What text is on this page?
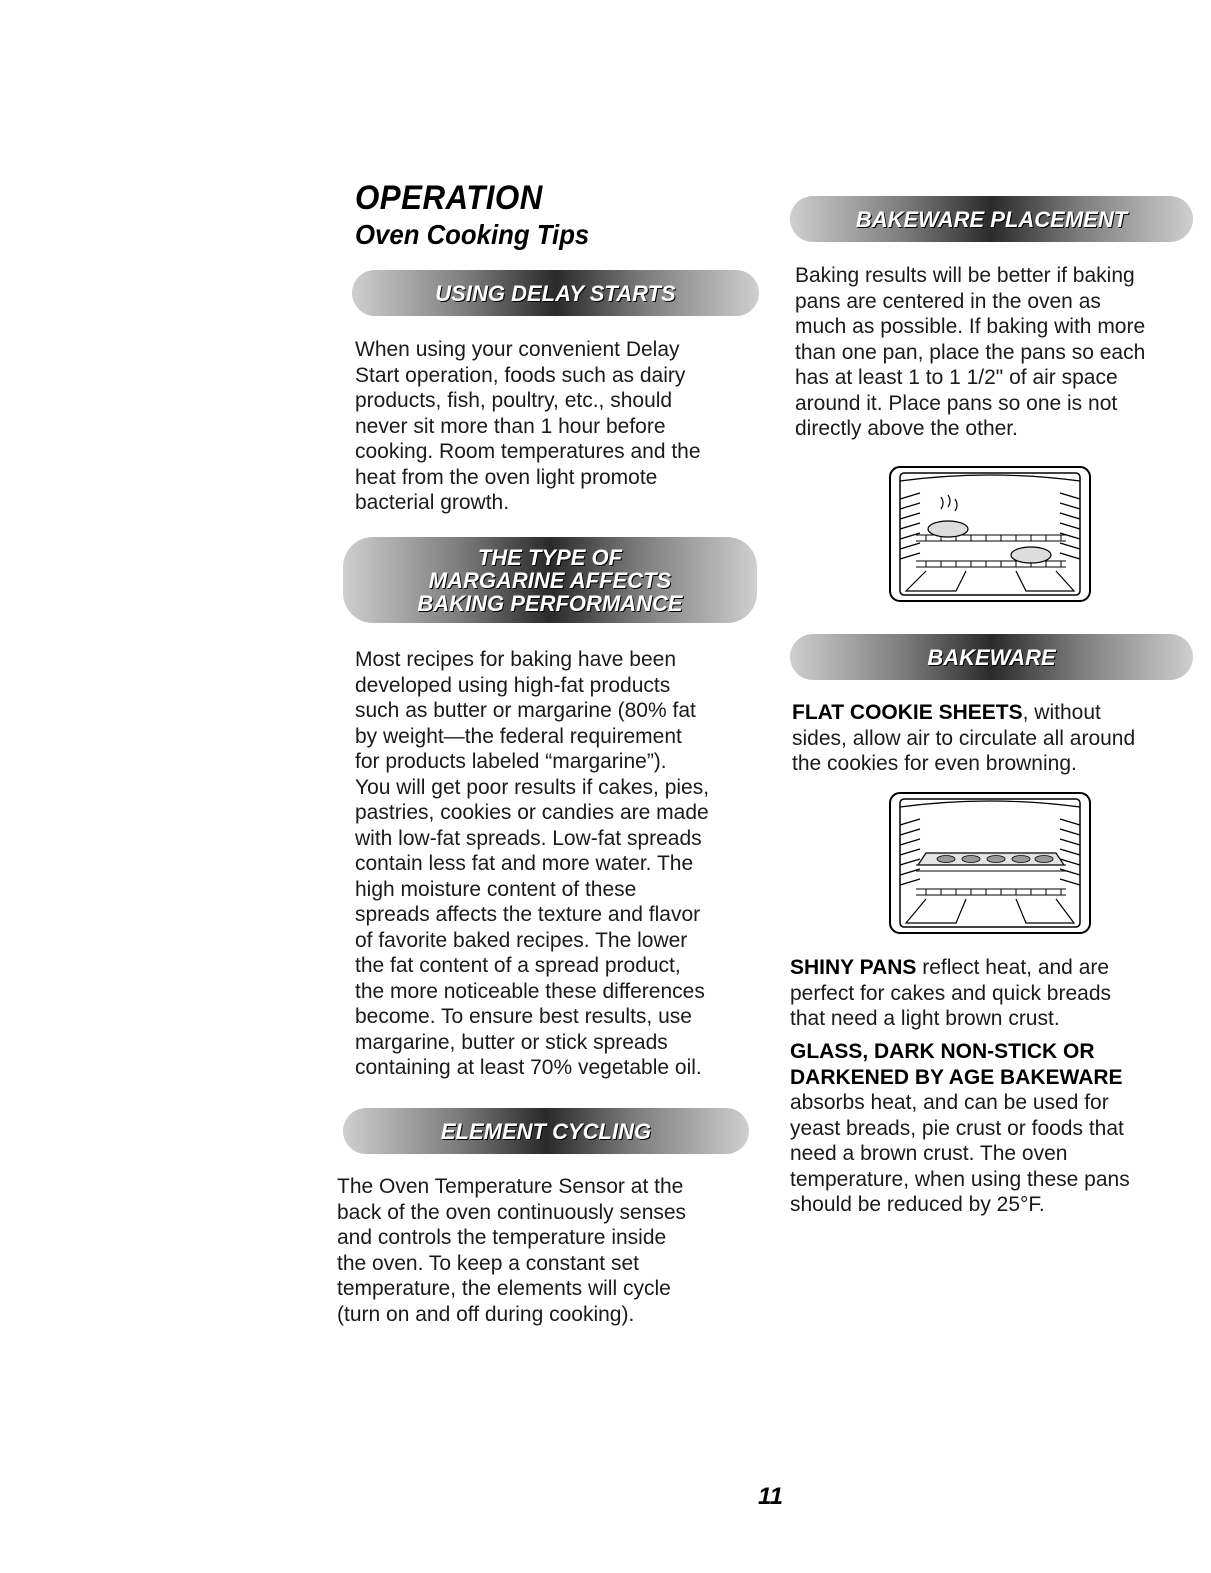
OPERATION
Oven Cooking Tips
USING DELAY STARTS
When using your convenient Delay
Start operation, foods such as dairy
products, fish, poultry, etc., should
never sit more than 1 hour before
cooking. Room temperatures and the
heat from the oven light promote
bacterial growth.
THE TYPE OF
MARGARINE AFFECTS
BAKING PERFORMANCE
Most recipes for baking have been
developed using high-fat products
such as butter or margarine (80% fat
by weight—the federal requirement
for products labeled “margarine”).
You will get poor results if cakes, pies,
pastries, cookies or candies are made
with low-fat spreads. Low-fat spreads
contain less fat and more water. The
high moisture content of these
spreads affects the texture and flavor
of favorite baked recipes. The lower
the fat content of a spread product,
the more noticeable these differences
become. To ensure best results, use
margarine, butter or stick spreads
containing at least 70% vegetable oil.
ELEMENT CYCLING
The Oven Temperature Sensor at the
back of the oven continuously senses
and controls the temperature inside
the oven. To keep a constant set
temperature, the elements will cycle
(turn on and off during cooking).
BAKEWARE PLACEMENT
Baking results will be better if baking
pans are centered in the oven as
much as possible. If baking with more
than one pan, place the pans so each
has at least 1 to 1 1/2" of air space
around it. Place pans so one is not
directly above the other.
BAKEWARE
FLAT COOKIE SHEETS, without
sides, allow air to circulate all around
the cookies for even browning.
SHINY PANS reflect heat, and are
perfect for cakes and quick breads
that need a light brown crust.
GLASS, DARK NON-STICK OR
DARKENED BY AGE BAKEWARE
absorbs heat, and can be used for
yeast breads, pie crust or foods that
need a brown crust. The oven
temperature, when using these pans
should be reduced by 25°F.
11
